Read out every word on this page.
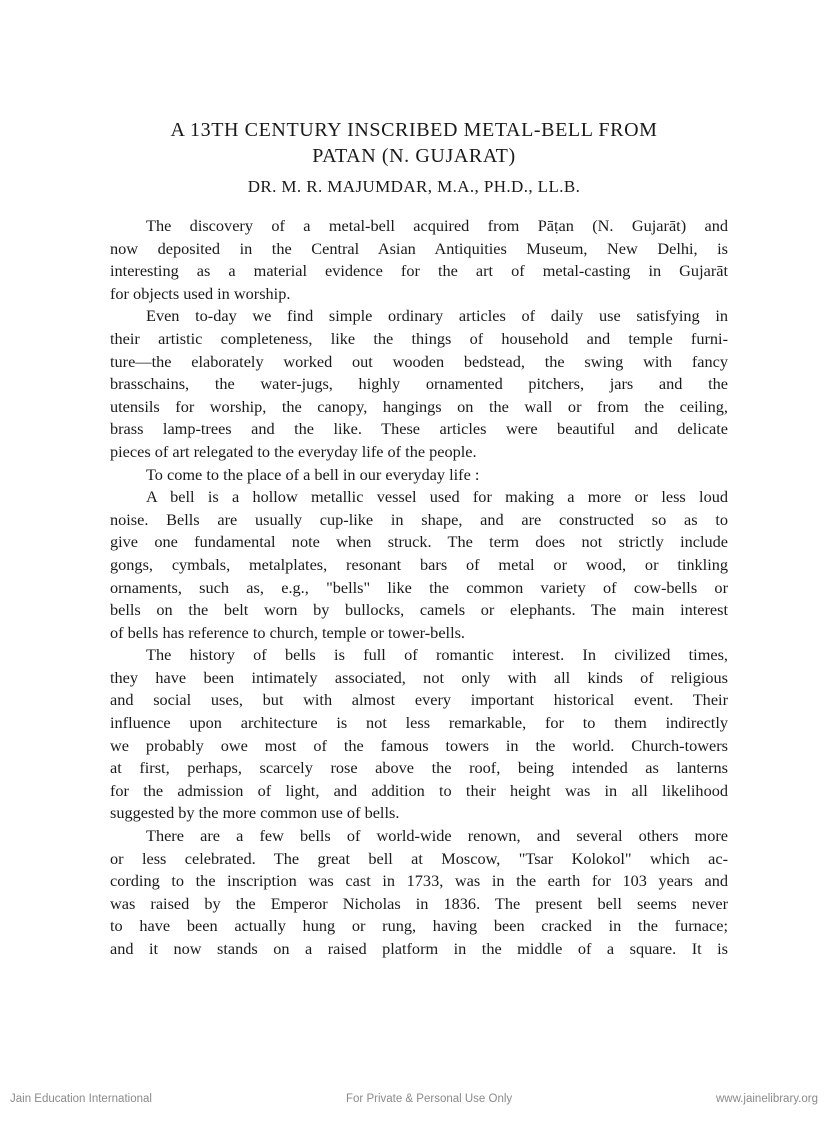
A 13TH CENTURY INSCRIBED METAL-BELL FROM
PATAN (N. GUJARAT)

DR. M. R. MAJUMDAR, M.A., PH.D., LL.B.

The discovery of a metal-bell acquired from Pāṭan (N. Gujarāt) and
now deposited in the Central Asian Antiquities Museum, New Delhi, is
interesting as a material evidence for the art of metal-casting in Gujarāt
for objects used in worship.
Even to-day we find simple ordinary articles of daily use satisfying in
their artistic completeness, like the things of household and temple furni-
ture—the elaborately worked out wooden bedstead, the swing with fancy
brasschains, the water-jugs, highly ornamented pitchers, jars and the
utensils for worship, the canopy, hangings on the wall or from the ceiling,
brass lamp-trees and the like. These articles were beautiful and delicate
pieces of art relegated to the everyday life of the people.
To come to the place of a bell in our everyday life :
A bell is a hollow metallic vessel used for making a more or less loud
noise. Bells are usually cup-like in shape, and are constructed so as to
give one fundamental note when struck. The term does not strictly include
gongs, cymbals, metalplates, resonant bars of metal or wood, or tinkling
ornaments, such as, e.g., "bells" like the common variety of cow-bells or
bells on the belt worn by bullocks, camels or elephants. The main interest
of bells has reference to church, temple or tower-bells.
The history of bells is full of romantic interest. In civilized times,
they have been intimately associated, not only with all kinds of religious
and social uses, but with almost every important historical event. Their
influence upon architecture is not less remarkable, for to them indirectly
we probably owe most of the famous towers in the world. Church-towers
at first, perhaps, scarcely rose above the roof, being intended as lanterns
for the admission of light, and addition to their height was in all likelihood
suggested by the more common use of bells.
There are a few bells of world-wide renown, and several others more
or less celebrated. The great bell at Moscow, "Tsar Kolokol" which ac-
cording to the inscription was cast in 1733, was in the earth for 103 years and
was raised by the Emperor Nicholas in 1836. The present bell seems never
to have been actually hung or rung, having been cracked in the furnace;
and it now stands on a raised platform in the middle of a square. It is

Jain Education International	For Private & Personal Use Only	www.jainelibrary.org
